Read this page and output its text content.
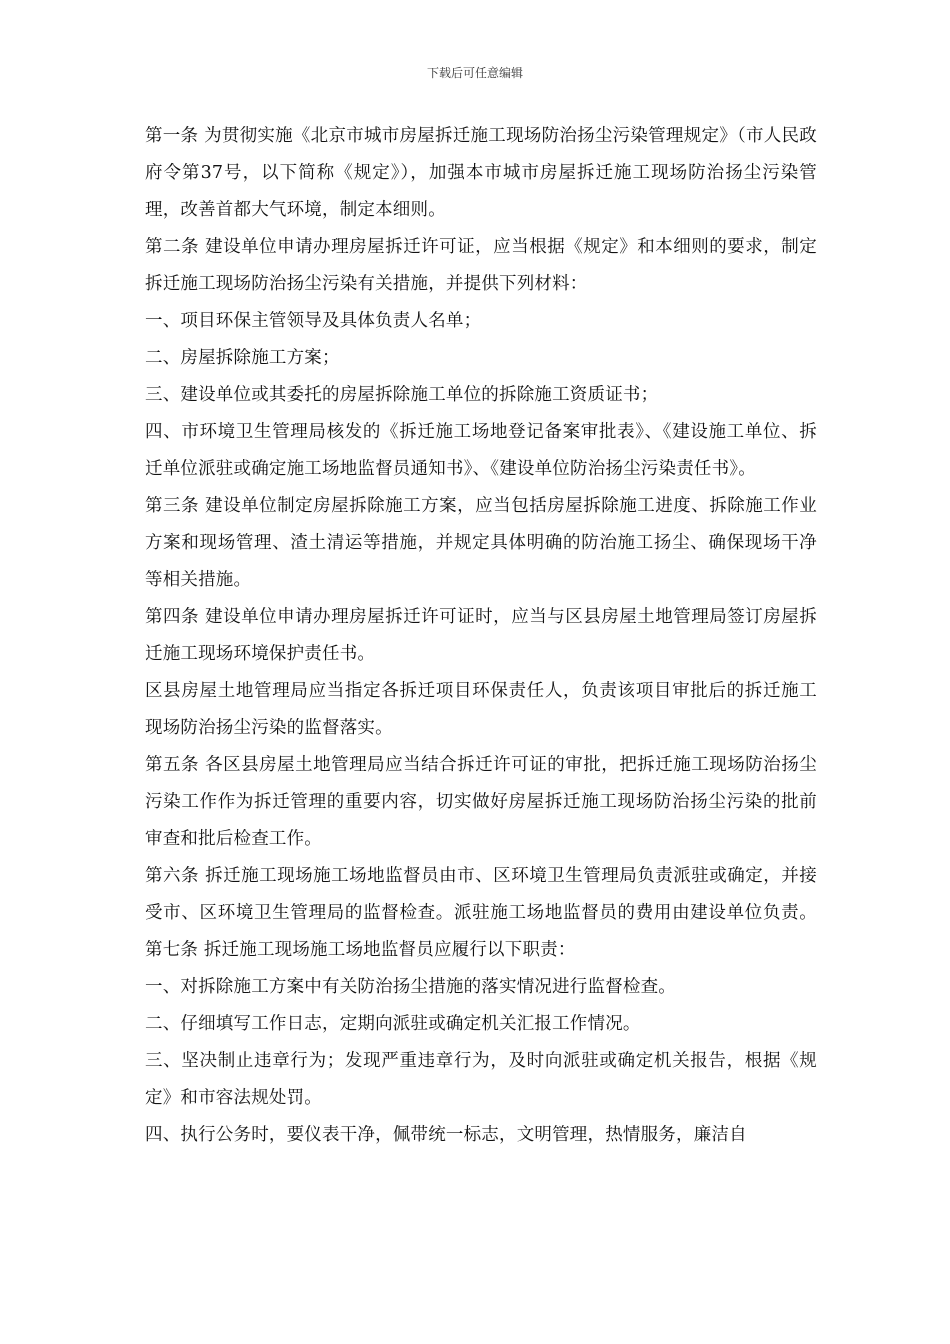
下载后可任意编辑

第一条 为贯彻实施《北京市城市房屋拆迁施工现场防治扬尘污染管理规定》（市人民政府令第37号，以下简称《规定》），加强本市城市房屋拆迁施工现场防治扬尘污染管理，改善首都大气环境，制定本细则。

第二条 建设单位申请办理房屋拆迁许可证，应当根据《规定》和本细则的要求，制定拆迁施工现场防治扬尘污染有关措施，并提供下列材料：

一、项目环保主管领导及具体负责人名单；

二、房屋拆除施工方案；

三、建设单位或其委托的房屋拆除施工单位的拆除施工资质证书；

四、市环境卫生管理局核发的《拆迁施工场地登记备案审批表》、《建设施工单位、拆迁单位派驻或确定施工场地监督员通知书》、《建设单位防治扬尘污染责任书》。

第三条 建设单位制定房屋拆除施工方案，应当包括房屋拆除施工进度、拆除施工作业方案和现场管理、渣土清运等措施，并规定具体明确的防治施工扬尘、确保现场干净等相关措施。

第四条 建设单位申请办理房屋拆迁许可证时，应当与区县房屋土地管理局签订房屋拆迁施工现场环境保护责任书。

区县房屋土地管理局应当指定各拆迁项目环保责任人，负责该项目审批后的拆迁施工现场防治扬尘污染的监督落实。

第五条 各区县房屋土地管理局应当结合拆迁许可证的审批，把拆迁施工现场防治扬尘污染工作作为拆迁管理的重要内容，切实做好房屋拆迁施工现场防治扬尘污染的批前审查和批后检查工作。

第六条 拆迁施工现场施工场地监督员由市、区环境卫生管理局负责派驻或确定，并接受市、区环境卫生管理局的监督检查。派驻施工场地监督员的费用由建设单位负责。第七条 拆迁施工现场施工场地监督员应履行以下职责：

一、对拆除施工方案中有关防治扬尘措施的落实情况进行监督检查。

二、仔细填写工作日志，定期向派驻或确定机关汇报工作情况。

三、坚决制止违章行为；发现严重违章行为，及时向派驻或确定机关报告，根据《规定》和市容法规处罚。

四、执行公务时，要仪表干净，佩带统一标志，文明管理，热情服务，廉洁自
